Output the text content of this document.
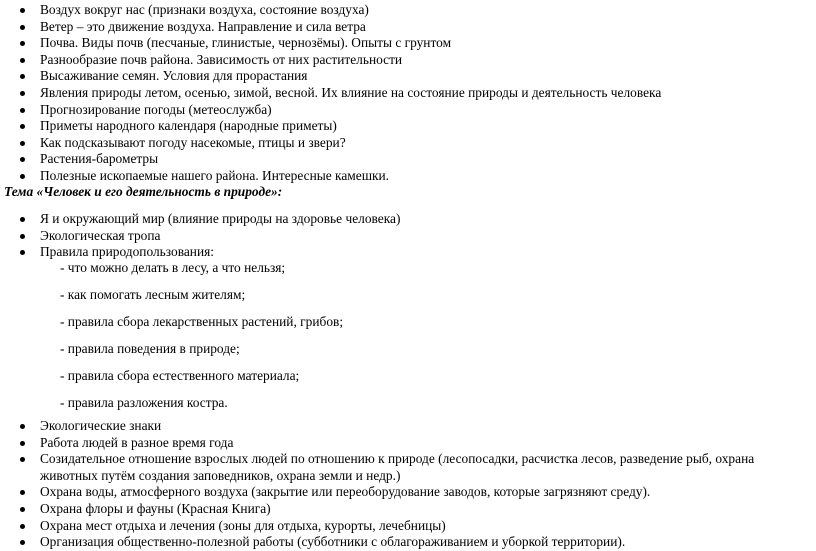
Воздух вокруг нас (признаки воздуха, состояние воздуха)
Ветер – это движение воздуха. Направление и сила ветра
Почва. Виды почв (песчаные, глинистые, чернозёмы). Опыты с грунтом
Разнообразие почв района. Зависимость от них растительности
Высаживание семян. Условия для прорастания
Явления природы летом, осенью, зимой, весной. Их влияние на состояние природы и деятельность человека
Прогнозирование погоды (метеослужба)
Приметы народного календаря (народные приметы)
Как подсказывают погоду насекомые, птицы и звери?
Растения-барометры
Полезные ископаемые нашего района. Интересные камешки.
Тема «Человек и его деятельность в природе»:
Я и окружающий мир (влияние природы на здоровье человека)
Экологическая тропа
Правила природопользования:
- что можно делать в лесу, а что нельзя;
- как помогать лесным жителям;
- правила сбора лекарственных растений, грибов;
- правила поведения в природе;
- правила сбора естественного материала;
- правила разложения костра.
Экологические знаки
Работа людей в разное время года
Созидательное отношение взрослых людей по отношению к природе (лесопосадки, расчистка лесов, разведение рыб, охрана животных путём создания заповедников, охрана земли и недр.)
Охрана воды, атмосферного воздуха (закрытие или переоборудование заводов, которые загрязняют среду).
Охрана флоры и фауны (Красная Книга)
Охрана мест отдыха и лечения (зоны для отдыха, курорты, лечебницы)
Организация общественно-полезной работы (субботники с облагораживанием и уборкой территории).
